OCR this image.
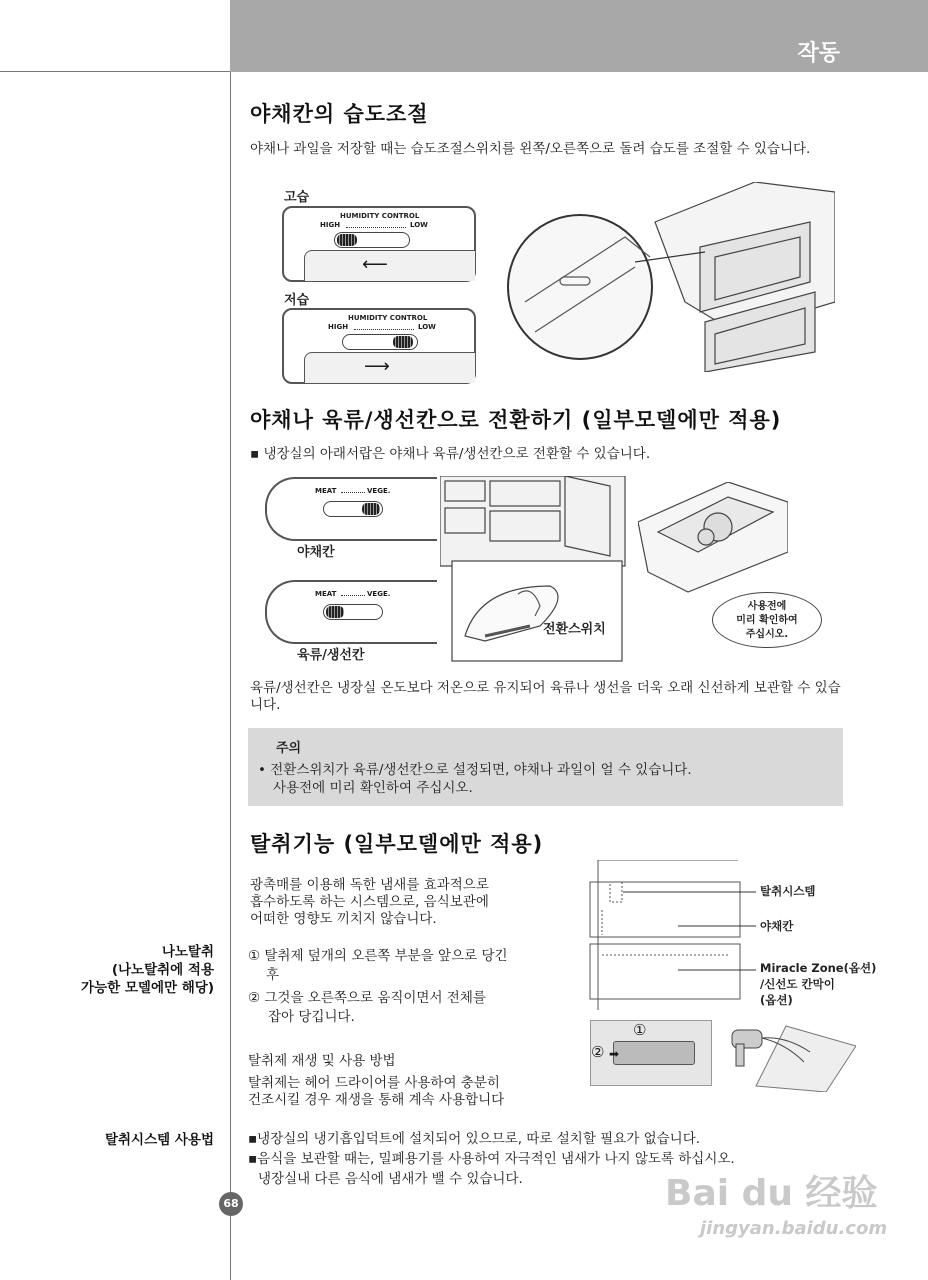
작동
야채칸의 습도조절
야채나 과일을 저장할 때는 습도조절스위치를 왼쪽/오른쪽으로 돌려 습도를 조절할 수 있습니다.
고습
HUMIDITY CONTROL
HIGH	LOW
⟵
저습
HUMIDITY CONTROL
HIGH	LOW
⟶
야채나 육류/생선칸으로 전환하기 (일부모델에만 적용)
▪ 냉장실의 아래서랍은 야채나 육류/생선칸으로 전환할 수 있습니다.
MEAT	VEGE.
야채칸
MEAT	VEGE.
육류/생선칸
전환스위치
사용전에
미리 확인하여
주십시오.
육류/생선칸은 냉장실 온도보다 저온으로 유지되어 육류나 생선을 더욱 오래 신선하게 보관할 수 있습니다.
주의
• 전환스위치가 육류/생선칸으로 설정되면, 야채나 과일이 얼 수 있습니다.
사용전에 미리 확인하여 주십시오.
탈취기능 (일부모델에만 적용)
광촉매를 이용해 독한 냄새를 효과적으로
흡수하도록 하는 시스템으로, 음식보관에
어떠한 영향도 끼치지 않습니다.
① 탈취제 덮개의 오른쪽 부분을 앞으로 당긴
후
② 그것을 오른쪽으로 움직이면서 전체를
잡아 당깁니다.
탈취제 재생 및 사용 방법
탈취제는 헤어 드라이어를 사용하여 충분히
건조시킬 경우 재생을 통해 계속 사용합니다
탈취시스템
야채칸
Miracle Zone(옵션)
/신선도 칸막이
(옵션)
①
② ➡
나노탈취
(나노탈취에 적용
가능한 모델에만 해당)
탈취시스템 사용법	▪냉장실의 냉기흡입덕트에 설치되어 있으므로, 따로 설치할 필요가 없습니다.
▪음식을 보관할 때는, 밀폐용기를 사용하여 자극적인 냄새가 나지 않도록 하십시오.
냉장실내 다른 음식에 냄새가 밸 수 있습니다.
68	Bai du 经验
jingyan.baidu.com
